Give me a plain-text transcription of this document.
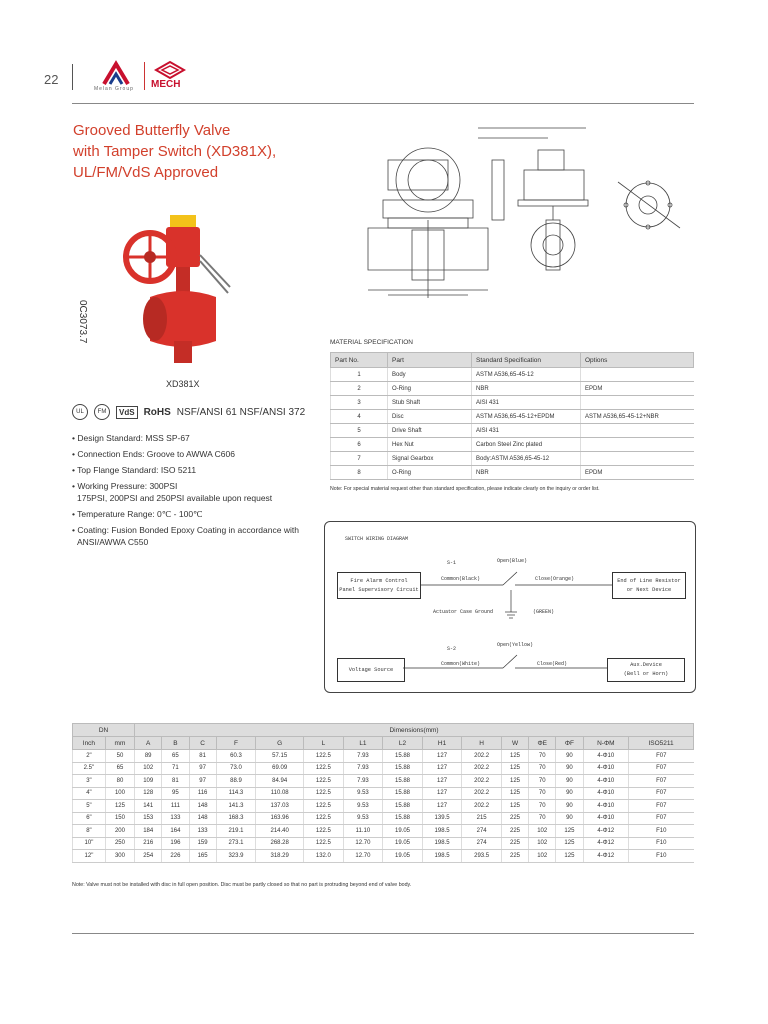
22
Melan Group MECH
Grooved Butterfly Valve
with Tamper Switch (XD381X),
UL/FM/VdS Approved
0C3073.7
XD381X
UL	FM	VdS RoHS NSF/ANSI 61 NSF/ANSI 372
• Design Standard: MSS SP-67
• Connection Ends: Groove to AWWA C606
• Top Flange Standard: ISO 5211
• Working Pressure: 300PSI
175PSI, 200PSI and 250PSI available upon request
• Temperature Range: 0℃ - 100℃
• Coating: Fusion Bonded Epoxy Coating in accordance with
ANSI/AWWA C550
MATERIAL SPECIFICATION
Part No.	Part	Standard Specification	Options
1	Body	ASTM A536,65-45-12	
2	O-Ring	NBR	EPDM
3	Stub Shaft	AISI 431	
4	Disc	ASTM A536,65-45-12+EPDM	ASTM A536,65-45-12+NBR
5	Drive Shaft	AISI 431	
6	Hex Nut	Carbon Steel Zinc plated	
7	Signal Gearbox	Body:ASTM A536,65-45-12	
8	O-Ring	NBR	EPDM
Note: For special material request other than standard specification, please indicate clearly on the inquiry or order list.
SWITCH WIRING DIAGRAM
S-1	Open(Blue)
Common(Black)	Close(Orange)
Fire Alarm Control
Panel Supervisory Circuit
End of Line Resistor
or Next Device
Actuator Case Ground	(GREEN)
S-2
Open(Yellow)
Common(White)	Close(Red)
Voltage Source
Aux.Device
(Bell or Horn)
DN		Dimensions(mm)														
Inch	mm	A	B	C	F	G	L	L1	L2	H1	H	W	ΦE	ΦF	N-ΦM	ISO5211
2"	50	89	65	81	60.3	57.15	122.5	7.93	15.88	127	202.2	125	70	90	4-Φ10	F07
2.5"	65	102	71	97	73.0	69.09	122.5	7.93	15.88	127	202.2	125	70	90	4-Φ10	F07
3"	80	109	81	97	88.9	84.94	122.5	7.93	15.88	127	202.2	125	70	90	4-Φ10	F07
4"	100	128	95	116	114.3	110.08	122.5	9.53	15.88	127	202.2	125	70	90	4-Φ10	F07
5"	125	141	111	148	141.3	137.03	122.5	9.53	15.88	127	202.2	125	70	90	4-Φ10	F07
6"	150	153	133	148	168.3	163.96	122.5	9.53	15.88	139.5	215	225	70	90	4-Φ10	F07
8"	200	184	164	133	219.1	214.40	122.5	11.10	19.05	198.5	274	225	102	125	4-Φ12	F10
10"	250	216	196	159	273.1	268.28	122.5	12.70	19.05	198.5	274	225	102	125	4-Φ12	F10
12"	300	254	226	165	323.9	318.29	132.0	12.70	19.05	198.5	293.5	225	102	125	4-Φ12	F10
Note: Valve must not be installed with disc in full open position. Disc must be partly closed so that no part is protruding beyond end of valve body.
